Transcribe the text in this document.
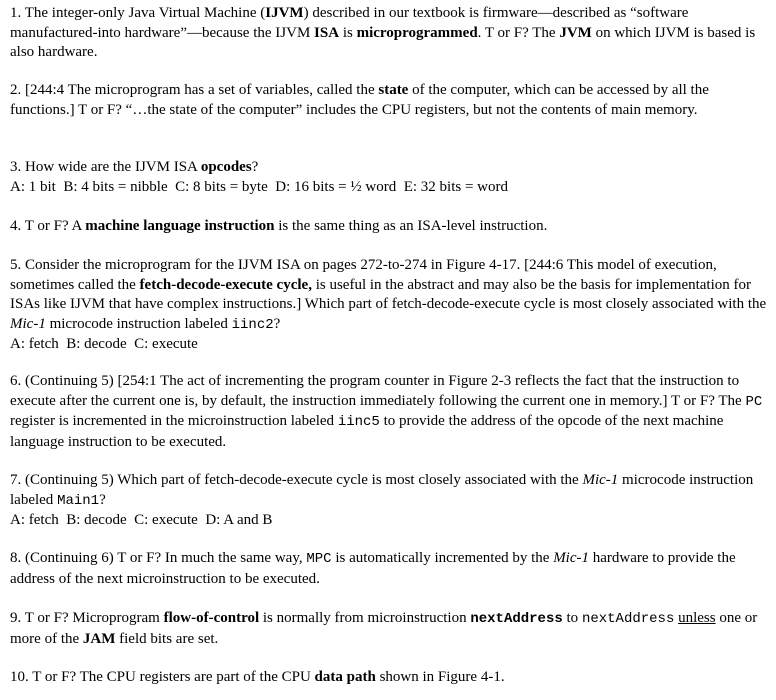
1. The integer-only Java Virtual Machine (IJVM) described in our textbook is firmware—described as “software manufactured-into hardware”—because the IJVM ISA is microprogrammed. T or F? The JVM on which IJVM is based is also hardware.

2. [244:4 The microprogram has a set of variables, called the state of the computer, which can be accessed by all the functions.] T or F? “…the state of the computer” includes the CPU registers, but not the contents of main memory.

3. How wide are the IJVM ISA opcodes?
A: 1 bit  B: 4 bits = nibble  C: 8 bits = byte  D: 16 bits = ½ word  E: 32 bits = word

4. T or F? A machine language instruction is the same thing as an ISA-level instruction.

5. Consider the microprogram for the IJVM ISA on pages 272-to-274 in Figure 4-17. [244:6 This model of execution, sometimes called the fetch-decode-execute cycle, is useful in the abstract and may also be the basis for implementation for ISAs like IJVM that have complex instructions.] Which part of fetch-decode-execute cycle is most closely associated with the Mic-1 microcode instruction labeled iinc2?
A: fetch  B: decode  C: execute

6. (Continuing 5) [254:1 The act of incrementing the program counter in Figure 2-3 reflects the fact that the instruction to execute after the current one is, by default, the instruction immediately following the current one in memory.] T or F? The PC register is incremented in the microinstruction labeled iinc5 to provide the address of the opcode of the next machine language instruction to be executed.

7. (Continuing 5) Which part of fetch-decode-execute cycle is most closely associated with the Mic-1 microcode instruction labeled Main1?
A: fetch  B: decode  C: execute  D: A and B

8. (Continuing 6) T or F? In much the same way, MPC is automatically incremented by the Mic-1 hardware to provide the address of the next microinstruction to be executed.

9. T or F? Microprogram flow-of-control is normally from microinstruction nextAddress to nextAddress unless one or more of the JAM field bits are set.

10. T or F? The CPU registers are part of the CPU data path shown in Figure 4-1.
